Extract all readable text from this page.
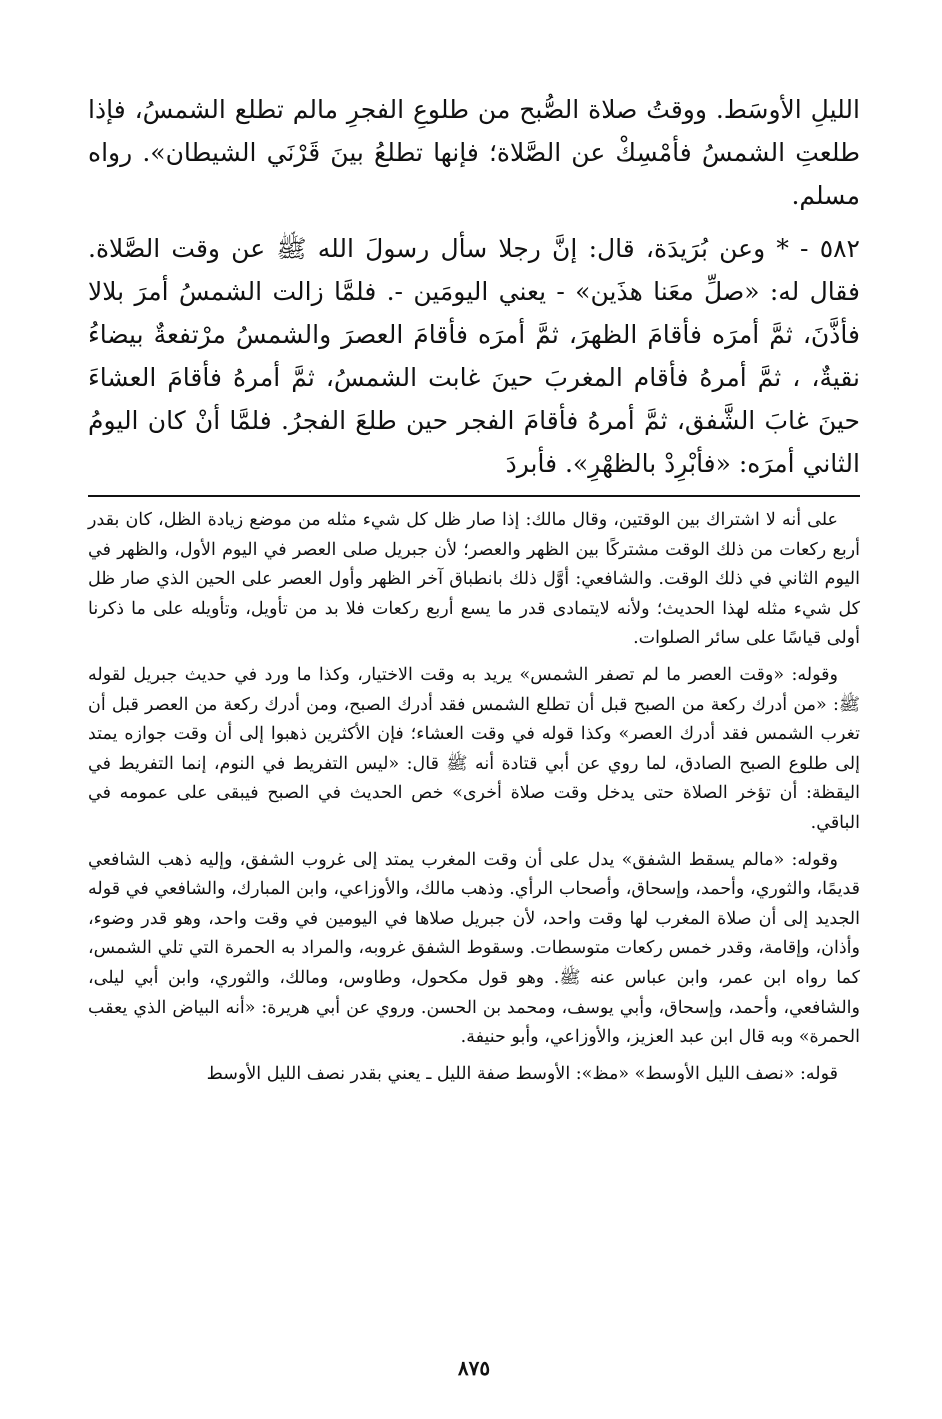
الليلِ الأوسَط. ووقتُ صلاة الصُّبح من طلوعِ الفجرِ مالم تطلع الشمسُ، فإذا طلعتِ الشمسُ فأمْسِكْ عن الصَّلاة؛ فإنها تطلعُ بينَ قَرْنَي الشيطان». رواه مسلم.

٥٨٢ - * وعن بُرَيدَة، قال: إنَّ رجلا سأل رسولَ الله ﷺ عن وقت الصَّلاة. فقال له: «صلِّ معَنا هذَين» - يعني اليومَين -. فلمَّا زالت الشمسُ أمرَ بلالا فأذَّنَ، ثمَّ أمرَه فأقامَ الظهرَ، ثمَّ أمرَه فأقامَ العصرَ والشمسُ مرْتفعةٌ بيضاءُ نقيةٌ، ، ثمَّ أمرهُ فأقام المغربَ حينَ غابت الشمسُ، ثمَّ أمرهُ فأقامَ العشاءَ حينَ غابَ الشَّفق، ثمَّ أمرهُ فأقامَ الفجر حين طلعَ الفجرُ. فلمَّا أنْ كان اليومُ الثاني أمرَه: «فأبْرِدْ بالظهْرِ». فأبردَ

على أنه لا اشتراك بين الوقتين، وقال مالك: إذا صار ظل كل شيء مثله من موضع زيادة الظل، كان بقدر أربع ركعات من ذلك الوقت مشتركًا بين الظهر والعصر؛ لأن جبريل صلى العصر في اليوم الأول، والظهر في اليوم الثاني في ذلك الوقت. والشافعي: أوَّل ذلك بانطباق آخر الظهر وأول العصر على الحين الذي صار ظل كل شيء مثله لهذا الحديث؛ ولأنه لايتمادى قدر ما يسع أربع ركعات فلا بد من تأويل، وتأويله على ما ذكرنا أولى قياسًا على سائر الصلوات.

وقوله: «وقت العصر ما لم تصفر الشمس» يريد به وقت الاختيار، وكذا ما ورد في حديث جبريل لقوله ﷺ: «من أدرك ركعة من الصبح قبل أن تطلع الشمس فقد أدرك الصبح، ومن أدرك ركعة من العصر قبل أن تغرب الشمس فقد أدرك العصر» وكذا قوله في وقت العشاء؛ فإن الأكثرين ذهبوا إلى أن وقت جوازه يمتد إلى طلوع الصبح الصادق، لما روي عن أبي قتادة أنه ﷺ قال: «ليس التفريط في النوم، إنما التفريط في اليقظة: أن تؤخر الصلاة حتى يدخل وقت صلاة أخرى» خص الحديث في الصبح فيبقى على عمومه في الباقي.

وقوله: «مالم يسقط الشفق» يدل على أن وقت المغرب يمتد إلى غروب الشفق، وإليه ذهب الشافعي قديمًا، والثوري، وأحمد، وإسحاق، وأصحاب الرأي. وذهب مالك، والأوزاعي، وابن المبارك، والشافعي في قوله الجديد إلى أن صلاة المغرب لها وقت واحد، لأن جبريل صلاها في اليومين في وقت واحد، وهو قدر وضوء، وأذان، وإقامة، وقدر خمس ركعات متوسطات. وسقوط الشفق غروبه، والمراد به الحمرة التي تلي الشمس، كما رواه ابن عمر، وابن عباس عنه ﷺ. وهو قول مكحول، وطاوس، ومالك، والثوري، وابن أبي ليلى، والشافعي، وأحمد، وإسحاق، وأبي يوسف، ومحمد بن الحسن. وروي عن أبي هريرة: «أنه البياض الذي يعقب الحمرة» وبه قال ابن عبد العزيز، والأوزاعي، وأبو حنيفة.

قوله: «نصف الليل الأوسط» «مظ»: الأوسط صفة الليل ـ يعني بقدر نصف الليل الأوسط

٨٧٥
